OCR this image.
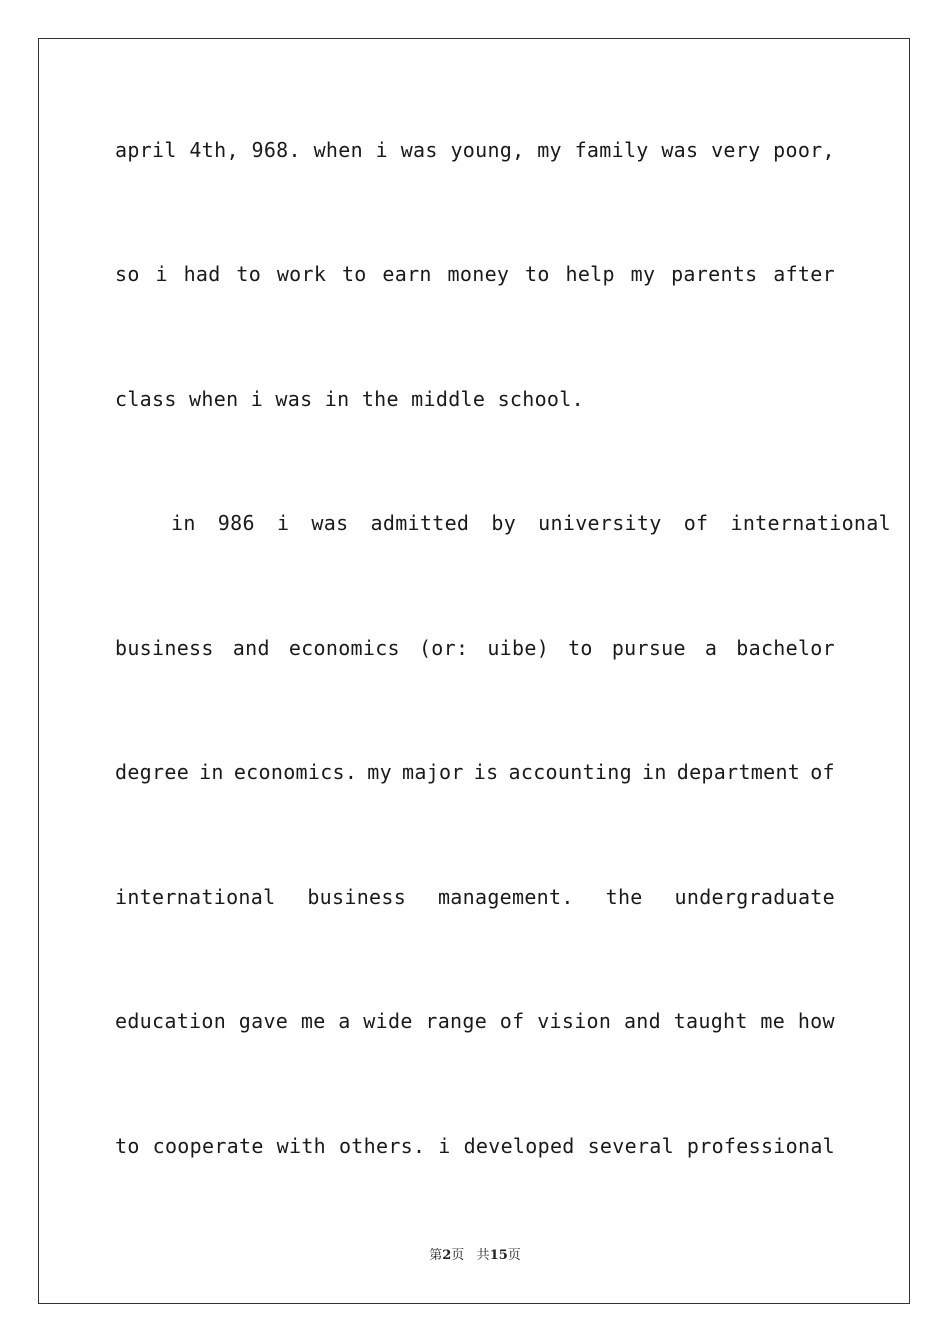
april 4th, 968. when i was young, my family was very poor,
so i had to work to earn money to help my parents after
class when i was in the middle school.
in 986 i was admitted by university of international
business and economics (or: uibe) to pursue a bachelor
degree in economics. my major is accounting in department of
international business management. the undergraduate
education gave me a wide range of vision and taught me how
to cooperate with others. i developed several professional
第2页 共15页
